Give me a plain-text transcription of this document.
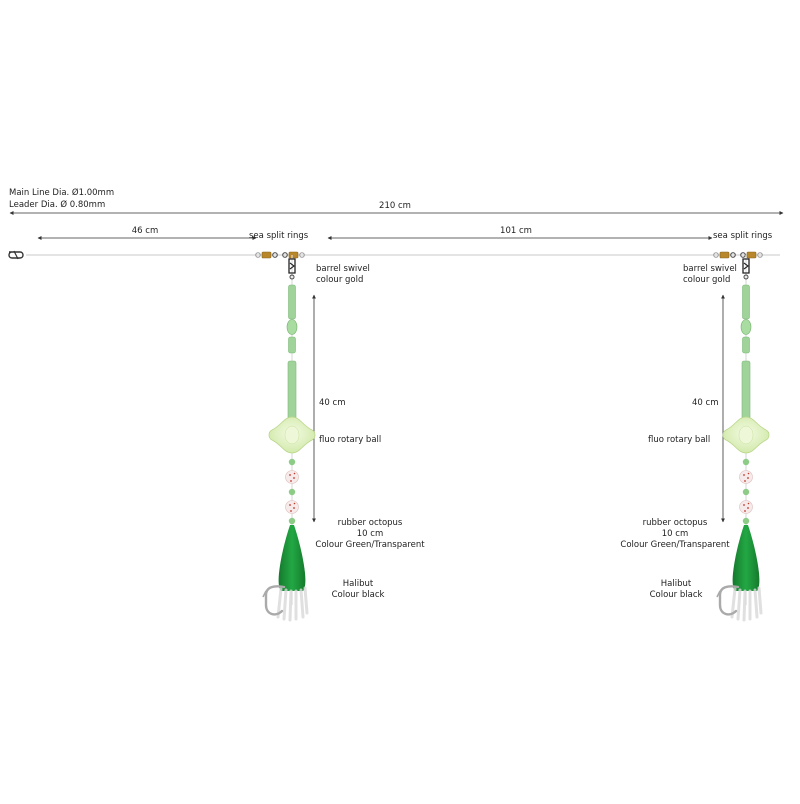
Main Line Dia. Ø1.00mm
Leader Dia. Ø 0.80mm	210 cm
46 cm	101 cm
sea split rings
barrel swivel
colour gold
40 cm
fluo rotary ball
rubber octopus
10 cm
Colour Green/Transparent
Halibut
Colour black
sea split rings
barrel swivel
colour gold
40 cm
fluo rotary ball
rubber octopus
10 cm
Colour Green/Transparent
Halibut
Colour black
